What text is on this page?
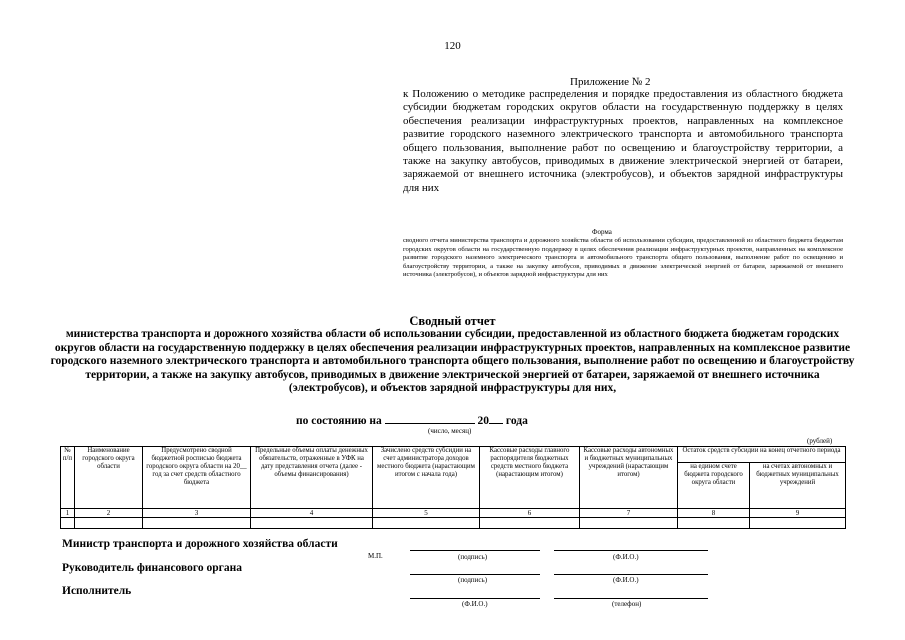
120
Приложение № 2
к Положению о методике распределения и порядке предоставления из областного бюджета субсидии бюджетам городских округов области на государственную поддержку в целях обеспечения реализации инфраструктурных проектов, направленных на комплексное развитие городского наземного электрического транспорта и автомобильного транспорта общего пользования, выполнение работ по освещению и благоустройству территории, а также на закупку автобусов, приводимых в движение электрической энергией от батареи, заряжаемой от внешнего источника (электробусов), и объектов зарядной инфраструктуры для них
Форма
сводного отчета министерства транспорта и дорожного хозяйства области об использовании субсидии, предоставленной из областного бюджета бюджетам городских округов области на государственную поддержку в целях обеспечения реализации инфраструктурных проектов, направленных на комплексное развитие городского наземного электрического транспорта и автомобильного транспорта общего пользования, выполнение работ по освещению и благоустройству территории, а также на закупку автобусов, приводимых в движение электрической энергией от батареи, заряжаемой от внешнего источника (электробусов), и объектов зарядной инфраструктуры для них
Сводный отчет
министерства транспорта и дорожного хозяйства области об использовании субсидии, предоставленной из областного бюджета бюджетам городских округов области на государственную поддержку в целях обеспечения реализации инфраструктурных проектов, направленных на комплексное развитие городского наземного электрического транспорта и автомобильного транспорта общего пользования, выполнение работ по освещению и благоустройству территории, а также на закупку автобусов, приводимых в движение электрической энергией от батареи, заряжаемой от внешнего источника (электробусов), и объектов зарядной инфраструктуры для них,
по состоянию на	20 года
(число, месяц)
(рублей)
№ п/п	Наименование городского округа области	Предусмотрено сводной бюджетной росписью бюджета городского округа области на 20__ год за счет средств областного бюджета	Предельные объемы оплаты денежных обязательств, отраженные в УФК на дату представления отчета (далее - объемы финансирования)	Зачислено средств субсидии на счет администратора доходов местного бюджета (нарастающим итогом с начала года)	Кассовые расходы главного распорядителя бюджетных средств местного бюджета (нарастающим итогом)	Кассовые расходы автономных и бюджетных муниципальных учреждений (нарастающим итогом)	Остаток средств субсидии на конец отчетного периода	
							на едином счете бюджета городского округа области	на счетах автономных и бюджетных муниципальных учреждений
1	2	3	4	5	6	7	8	9

Министр транспорта и дорожного хозяйства области
М.П.	(подпись)	(Ф.И.О.)
Руководитель финансового органа
(подпись)	(Ф.И.О.)
Исполнитель
(Ф.И.О.)	(телефон)
